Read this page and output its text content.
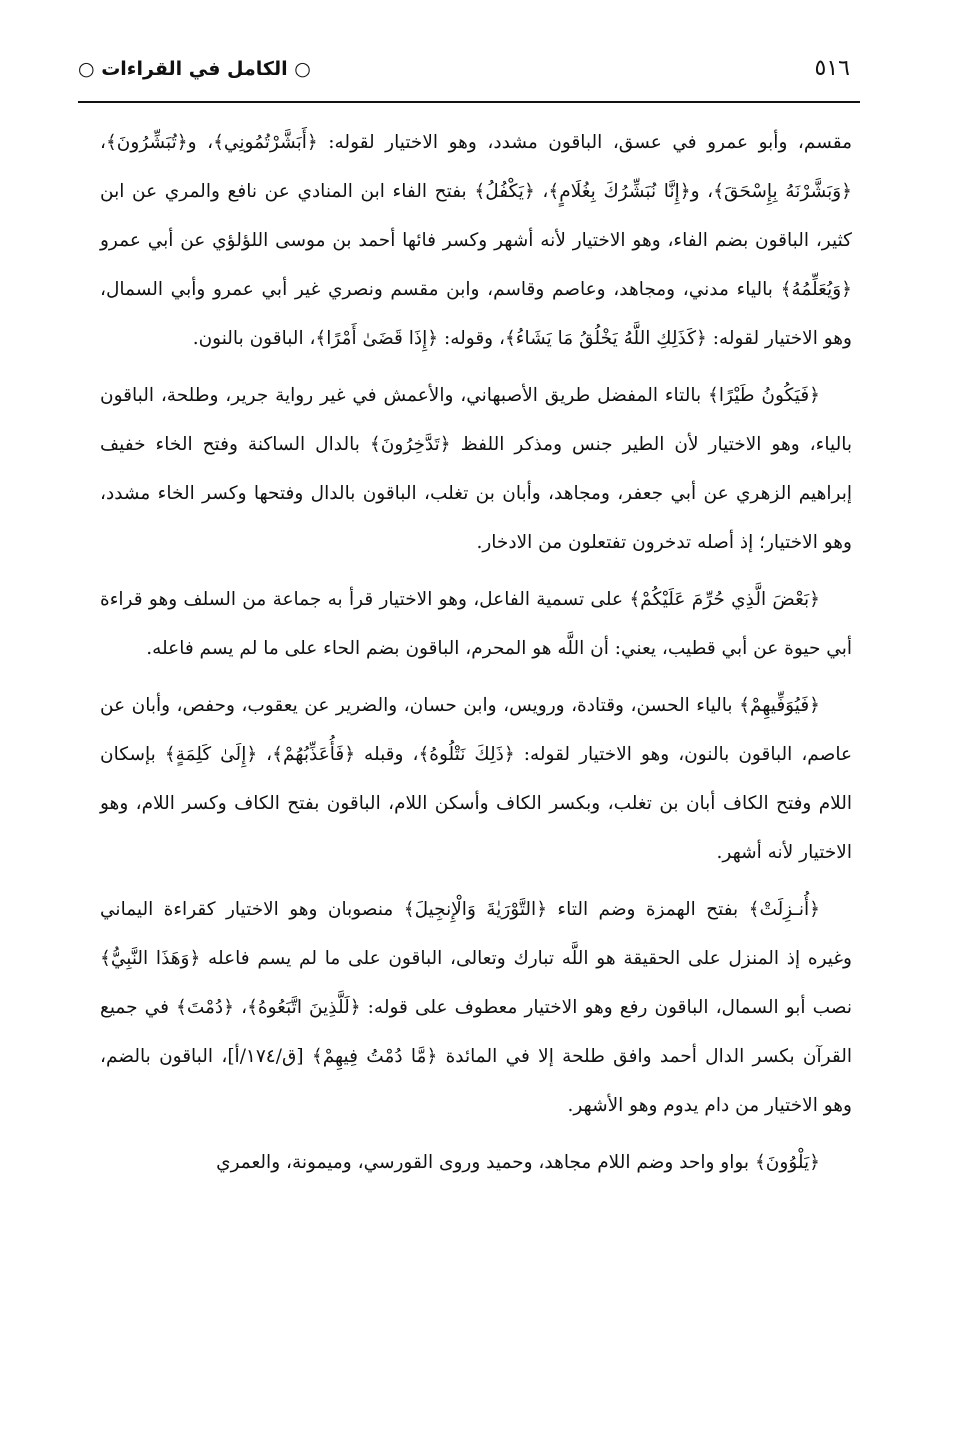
○ الكامل في القراءات ○	٥١٦

مقسم، وأبو عمرو في عسق، الباقون مشدد، وهو الاختيار لقوله: ﴿أَبَشَّرْتُمُونِي﴾، و﴿تُبَشِّرُونَ﴾، ﴿وَبَشَّرْنَهُ بِإِسْحَقَ﴾، و﴿إِنَّا نُبَشِّرُكَ بِغُلَامٍ﴾، ﴿يَكْفُلُ﴾ بفتح الفاء ابن المنادي عن نافع والمري عن ابن كثير، الباقون بضم الفاء، وهو الاختيار لأنه أشهر وكسر فائها أحمد بن موسى اللؤلؤي عن أبي عمرو ﴿وَيُعَلِّمُهُ﴾ بالياء مدني، ومجاهد، وعاصم وقاسم، وابن مقسم ونصري غير أبي عمرو وأبي السمال، وهو الاختيار لقوله: ﴿كَذَلِكِ اللَّهُ يَخْلُقُ مَا يَشَاءُ﴾، وقوله: ﴿إِذَا قَضَىٰ أَمْرًا﴾، الباقون بالنون.

﴿فَيَكُونُ طَيْرًا﴾ بالتاء المفضل طريق الأصبهاني، والأعمش في غير رواية جرير، وطلحة، الباقون بالياء، وهو الاختيار لأن الطير جنس ومذكر اللفظ ﴿تَدَّخِرُونَ﴾ بالدال الساكنة وفتح الخاء خفيف إبراهيم الزهري عن أبي جعفر، ومجاهد، وأبان بن تغلب، الباقون بالدال وفتحها وكسر الخاء مشدد، وهو الاختيار؛ إذ أصله تدخرون تفتعلون من الادخار.

﴿بَعْضَ الَّذِي حُرِّمَ عَلَيْكُمْ﴾ على تسمية الفاعل، وهو الاختيار قرأ به جماعة من السلف وهو قراءة أبي حيوة عن أبي قطيب، يعني: أن اللَّه هو المحرم، الباقون بضم الحاء على ما لم يسم فاعله.

﴿فَيُوَفِّيهِمْ﴾ بالياء الحسن، وقتادة، ورويس، وابن حسان، والضرير عن يعقوب، وحفص، وأبان عن عاصم، الباقون بالنون، وهو الاختيار لقوله: ﴿ذَلِكَ نَتْلُوهُ﴾، وقبله ﴿فَأُعَذِّبُهُمْ﴾، ﴿إِلَىٰ كَلِمَةٍ﴾ بإسكان اللام وفتح الكاف أبان بن تغلب، وبكسر الكاف وأسكن اللام، الباقون بفتح الكاف وكسر اللام، وهو الاختيار لأنه أشهر.

﴿أُنـزِلَتْ﴾ بفتح الهمزة وضم التاء ﴿التَّوْرَيٰةَ وَالْإِنجِيلَ﴾ منصوبان وهو الاختيار كقراءة اليماني وغيره إذ المنزل على الحقيقة هو اللَّه تبارك وتعالى، الباقون على ما لم يسم فاعله ﴿وَهَذَا النَّبِيُّ﴾ نصب أبو السمال، الباقون رفع وهو الاختيار معطوف على قوله: ﴿لَلَّذِينَ اتَّبَعُوهُ﴾، ﴿دُمْتَ﴾ في جميع القرآن بكسر الدال أحمد وافق طلحة إلا في المائدة ﴿مَّا دُمْتُ فِيهِمْ﴾ [ق/١٧٤/أ]، الباقون بالضم، وهو الاختيار من دام يدوم وهو الأشهر.

﴿يَلْوُونَ﴾ بواو واحد وضم اللام مجاهد، وحميد وروى القورسي، وميمونة، والعمري
